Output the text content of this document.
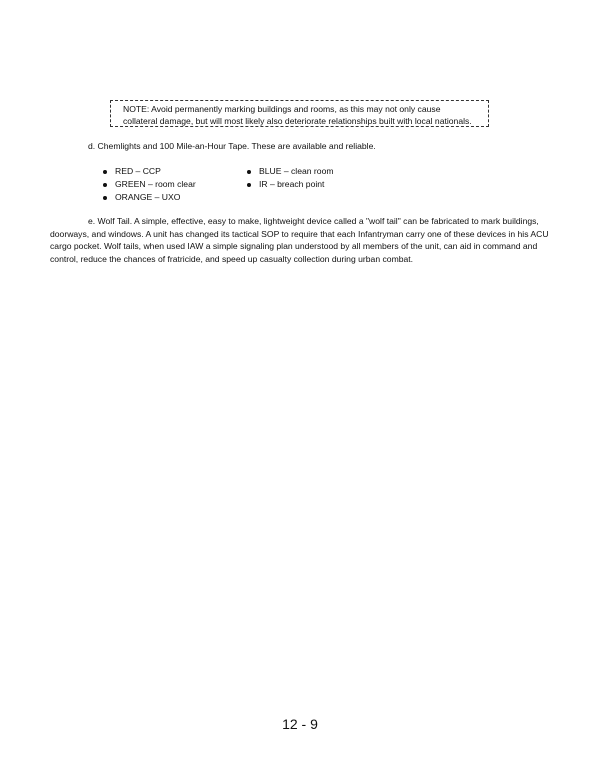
NOTE: Avoid permanently marking buildings and rooms, as this may not only cause
collateral damage, but will most likely also deteriorate relationships built with local nationals.
d. Chemlights and 100 Mile-an-Hour Tape. These are available and reliable.
RED – CCP
GREEN – room clear
ORANGE – UXO
BLUE – clean room
IR – breach point
e. Wolf Tail. A simple, effective, easy to make, lightweight device called a "wolf tail" can be fabricated to mark buildings,
doorways, and windows. A unit has changed its tactical SOP to require that each Infantryman carry one of these devices in his ACU
cargo pocket. Wolf tails, when used IAW a simple signaling plan understood by all members of the unit, can aid in command and
control, reduce the chances of fratricide, and speed up casualty collection during urban combat.
12 - 9
